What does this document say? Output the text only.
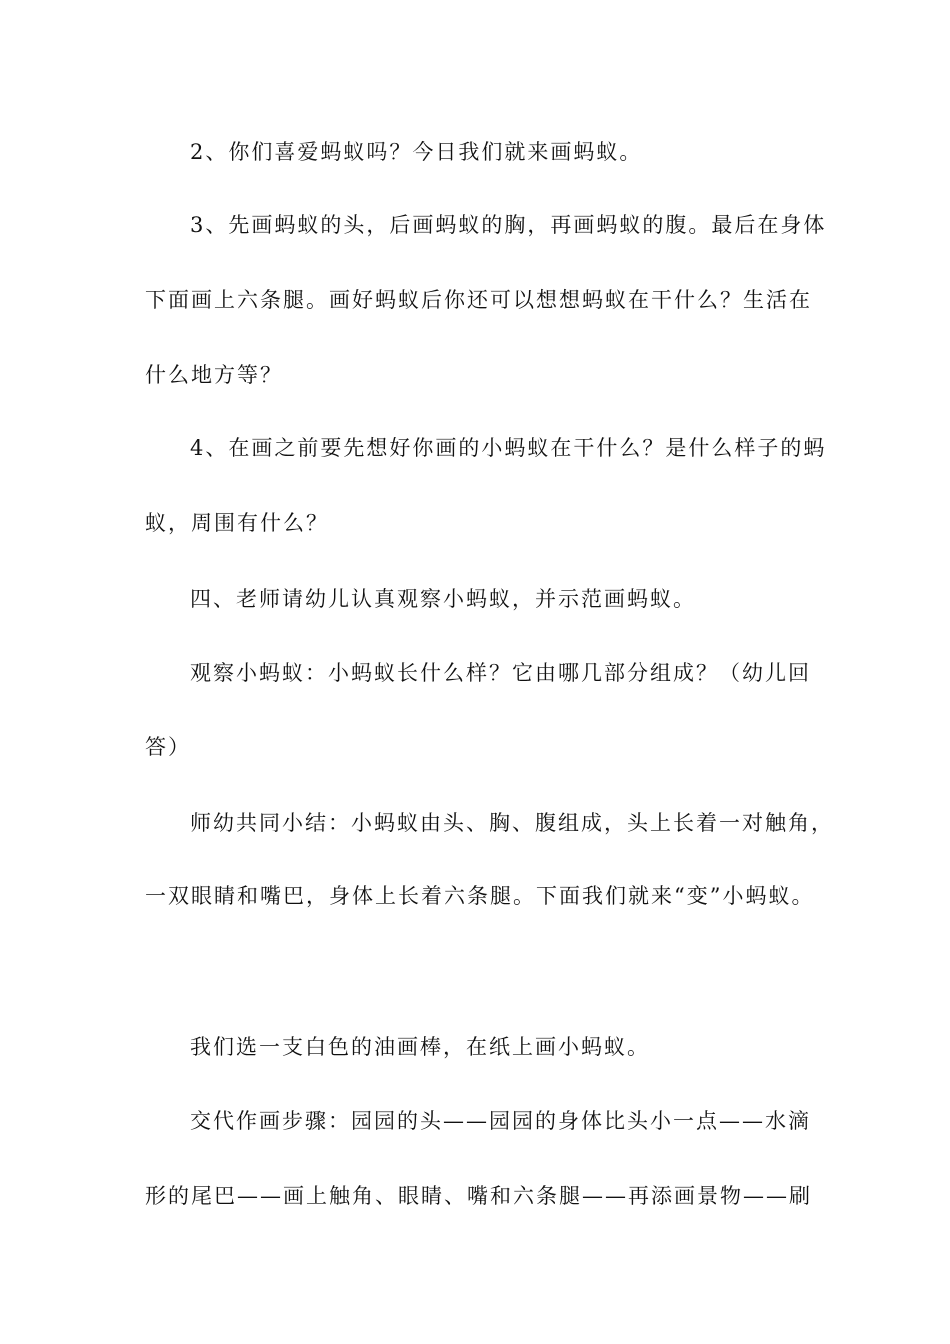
2、你们喜爱蚂蚁吗？今日我们就来画蚂蚁。
3、先画蚂蚁的头，后画蚂蚁的胸，再画蚂蚁的腹。最后在身体
下面画上六条腿。画好蚂蚁后你还可以想想蚂蚁在干什么？生活在
什么地方等？
4、在画之前要先想好你画的小蚂蚁在干什么？是什么样子的蚂
蚁，周围有什么？
四、老师请幼儿认真观察小蚂蚁，并示范画蚂蚁。
观察小蚂蚁：小蚂蚁长什么样？它由哪几部分组成？（幼儿回
答）
师幼共同小结：小蚂蚁由头、胸、腹组成，头上长着一对触角，
一双眼睛和嘴巴，身体上长着六条腿。下面我们就来“变”小蚂蚁。
我们选一支白色的油画棒，在纸上画小蚂蚁。
交代作画步骤：园园的头——园园的身体比头小一点——水滴
形的尾巴——画上触角、眼睛、嘴和六条腿——再添画景物——刷
